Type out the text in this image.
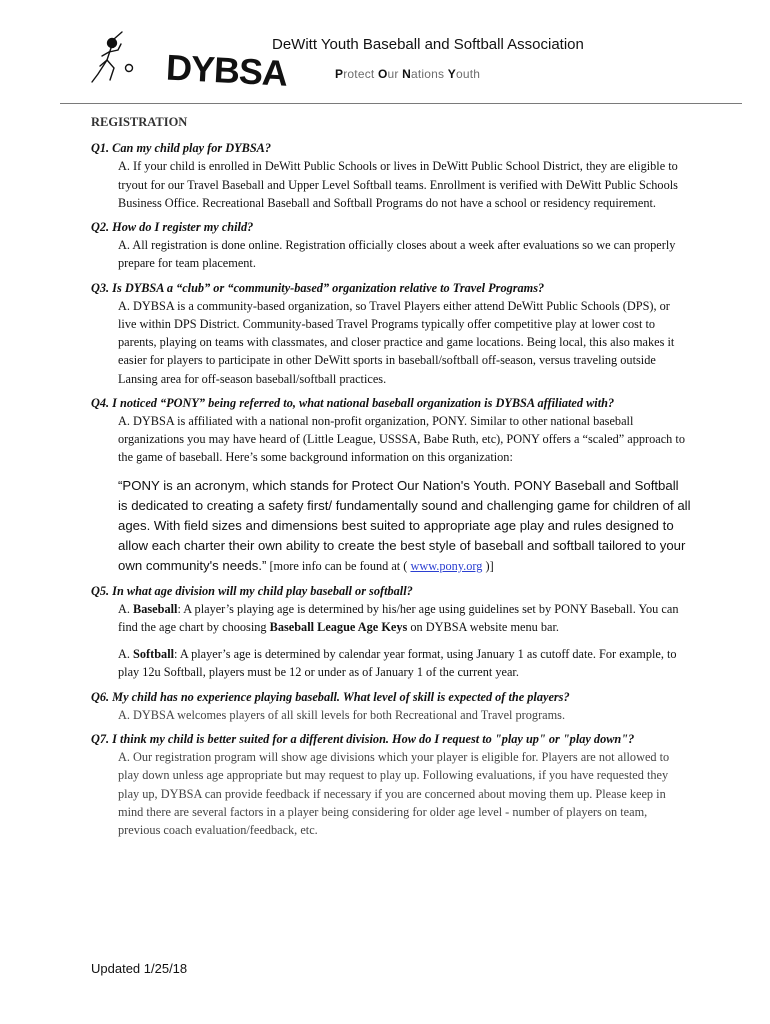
DYBSA
DeWitt Youth Baseball and Softball Association
Protect Our Nations Youth
REGISTRATION

Q1. Can my child play for DYBSA?

A. If your child is enrolled in DeWitt Public Schools or lives in DeWitt Public School District, they are eligible to tryout for our Travel Baseball and Upper Level Softball teams. Enrollment is verified with DeWitt Public Schools Business Office. Recreational Baseball and Softball Programs do not have a school or residency requirement.

Q2. How do I register my child?

A. All registration is done online. Registration officially closes about a week after evaluations so we can properly prepare for team placement.

Q3. Is DYBSA a “club” or “community-based” organization relative to Travel Programs?

A. DYBSA is a community-based organization, so Travel Players either attend DeWitt Public Schools (DPS), or live within DPS District. Community-based Travel Programs typically offer competitive play at lower cost to parents, playing on teams with classmates, and closer practice and game locations. Being local, this also makes it easier for players to participate in other DeWitt sports in baseball/softball off-season, versus traveling outside Lansing area for off-season baseball/softball practices.

Q4. I noticed “PONY” being referred to, what national baseball organization is DYBSA affiliated with?

A. DYBSA is affiliated with a national non-profit organization, PONY. Similar to other national baseball organizations you may have heard of (Little League, USSSA, Babe Ruth, etc), PONY offers a “scaled” approach to the game of baseball. Here’s some background information on this organization:

“PONY is an acronym, which stands for Protect Our Nation's Youth. PONY Baseball and Softball is dedicated to creating a safety first/ fundamentally sound and challenging game for children of all ages. With field sizes and dimensions best suited to appropriate age play and rules designed to allow each charter their own ability to create the best style of baseball and softball tailored to your own community's needs.” [more info can be found at ( www.pony.org )]

Q5. In what age division will my child play baseball or softball?

A. Baseball: A player’s playing age is determined by his/her age using guidelines set by PONY Baseball. You can find the age chart by choosing Baseball League Age Keys on DYBSA website menu bar.

A. Softball: A player’s age is determined by calendar year format, using January 1 as cutoff date. For example, to play 12u Softball, players must be 12 or under as of January 1 of the current year.

Q6. My child has no experience playing baseball. What level of skill is expected of the players?

A. DYBSA welcomes players of all skill levels for both Recreational and Travel programs.

Q7. I think my child is better suited for a different division. How do I request to "play up" or "play down"?

A. Our registration program will show age divisions which your player is eligible for. Players are not allowed to play down unless age appropriate but may request to play up. Following evaluations, if you have requested they play up, DYBSA can provide feedback if necessary if you are concerned about moving them up. Please keep in mind there are several factors in a player being considering for older age level - number of players on team, previous coach evaluation/feedback, etc.

Updated 1/25/18
